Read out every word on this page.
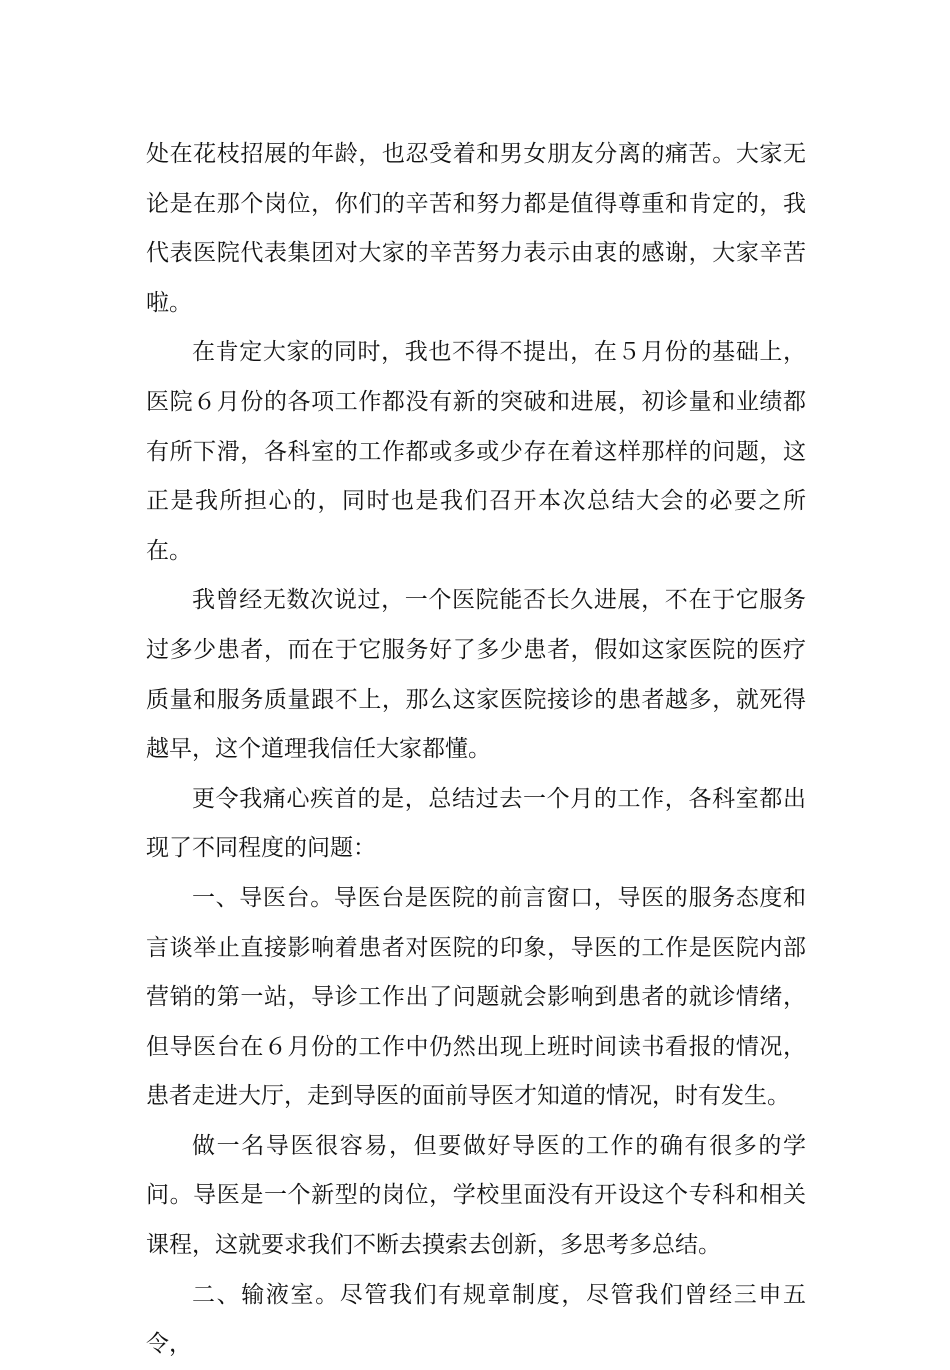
处在花枝招展的年龄，也忍受着和男女朋友分离的痛苦。大家无论是在那个岗位，你们的辛苦和努力都是值得尊重和肯定的，我代表医院代表集团对大家的辛苦努力表示由衷的感谢，大家辛苦啦。

在肯定大家的同时，我也不得不提出，在５月份的基础上，医院６月份的各项工作都没有新的突破和进展，初诊量和业绩都有所下滑，各科室的工作都或多或少存在着这样那样的问题，这正是我所担心的，同时也是我们召开本次总结大会的必要之所在。

我曾经无数次说过，一个医院能否长久进展，不在于它服务过多少患者，而在于它服务好了多少患者，假如这家医院的医疗质量和服务质量跟不上，那么这家医院接诊的患者越多，就死得越早，这个道理我信任大家都懂。

更令我痛心疾首的是，总结过去一个月的工作，各科室都出现了不同程度的问题：

一、导医台。导医台是医院的前言窗口，导医的服务态度和言谈举止直接影响着患者对医院的印象，导医的工作是医院内部营销的第一站，导诊工作出了问题就会影响到患者的就诊情绪，但导医台在６月份的工作中仍然出现上班时间读书看报的情况，患者走进大厅，走到导医的面前导医才知道的情况，时有发生。

做一名导医很容易，但要做好导医的工作的确有很多的学问。导医是一个新型的岗位，学校里面没有开设这个专科和相关课程，这就要求我们不断去摸索去创新，多思考多总结。

二、输液室。尽管我们有规章制度，尽管我们曾经三申五令，
